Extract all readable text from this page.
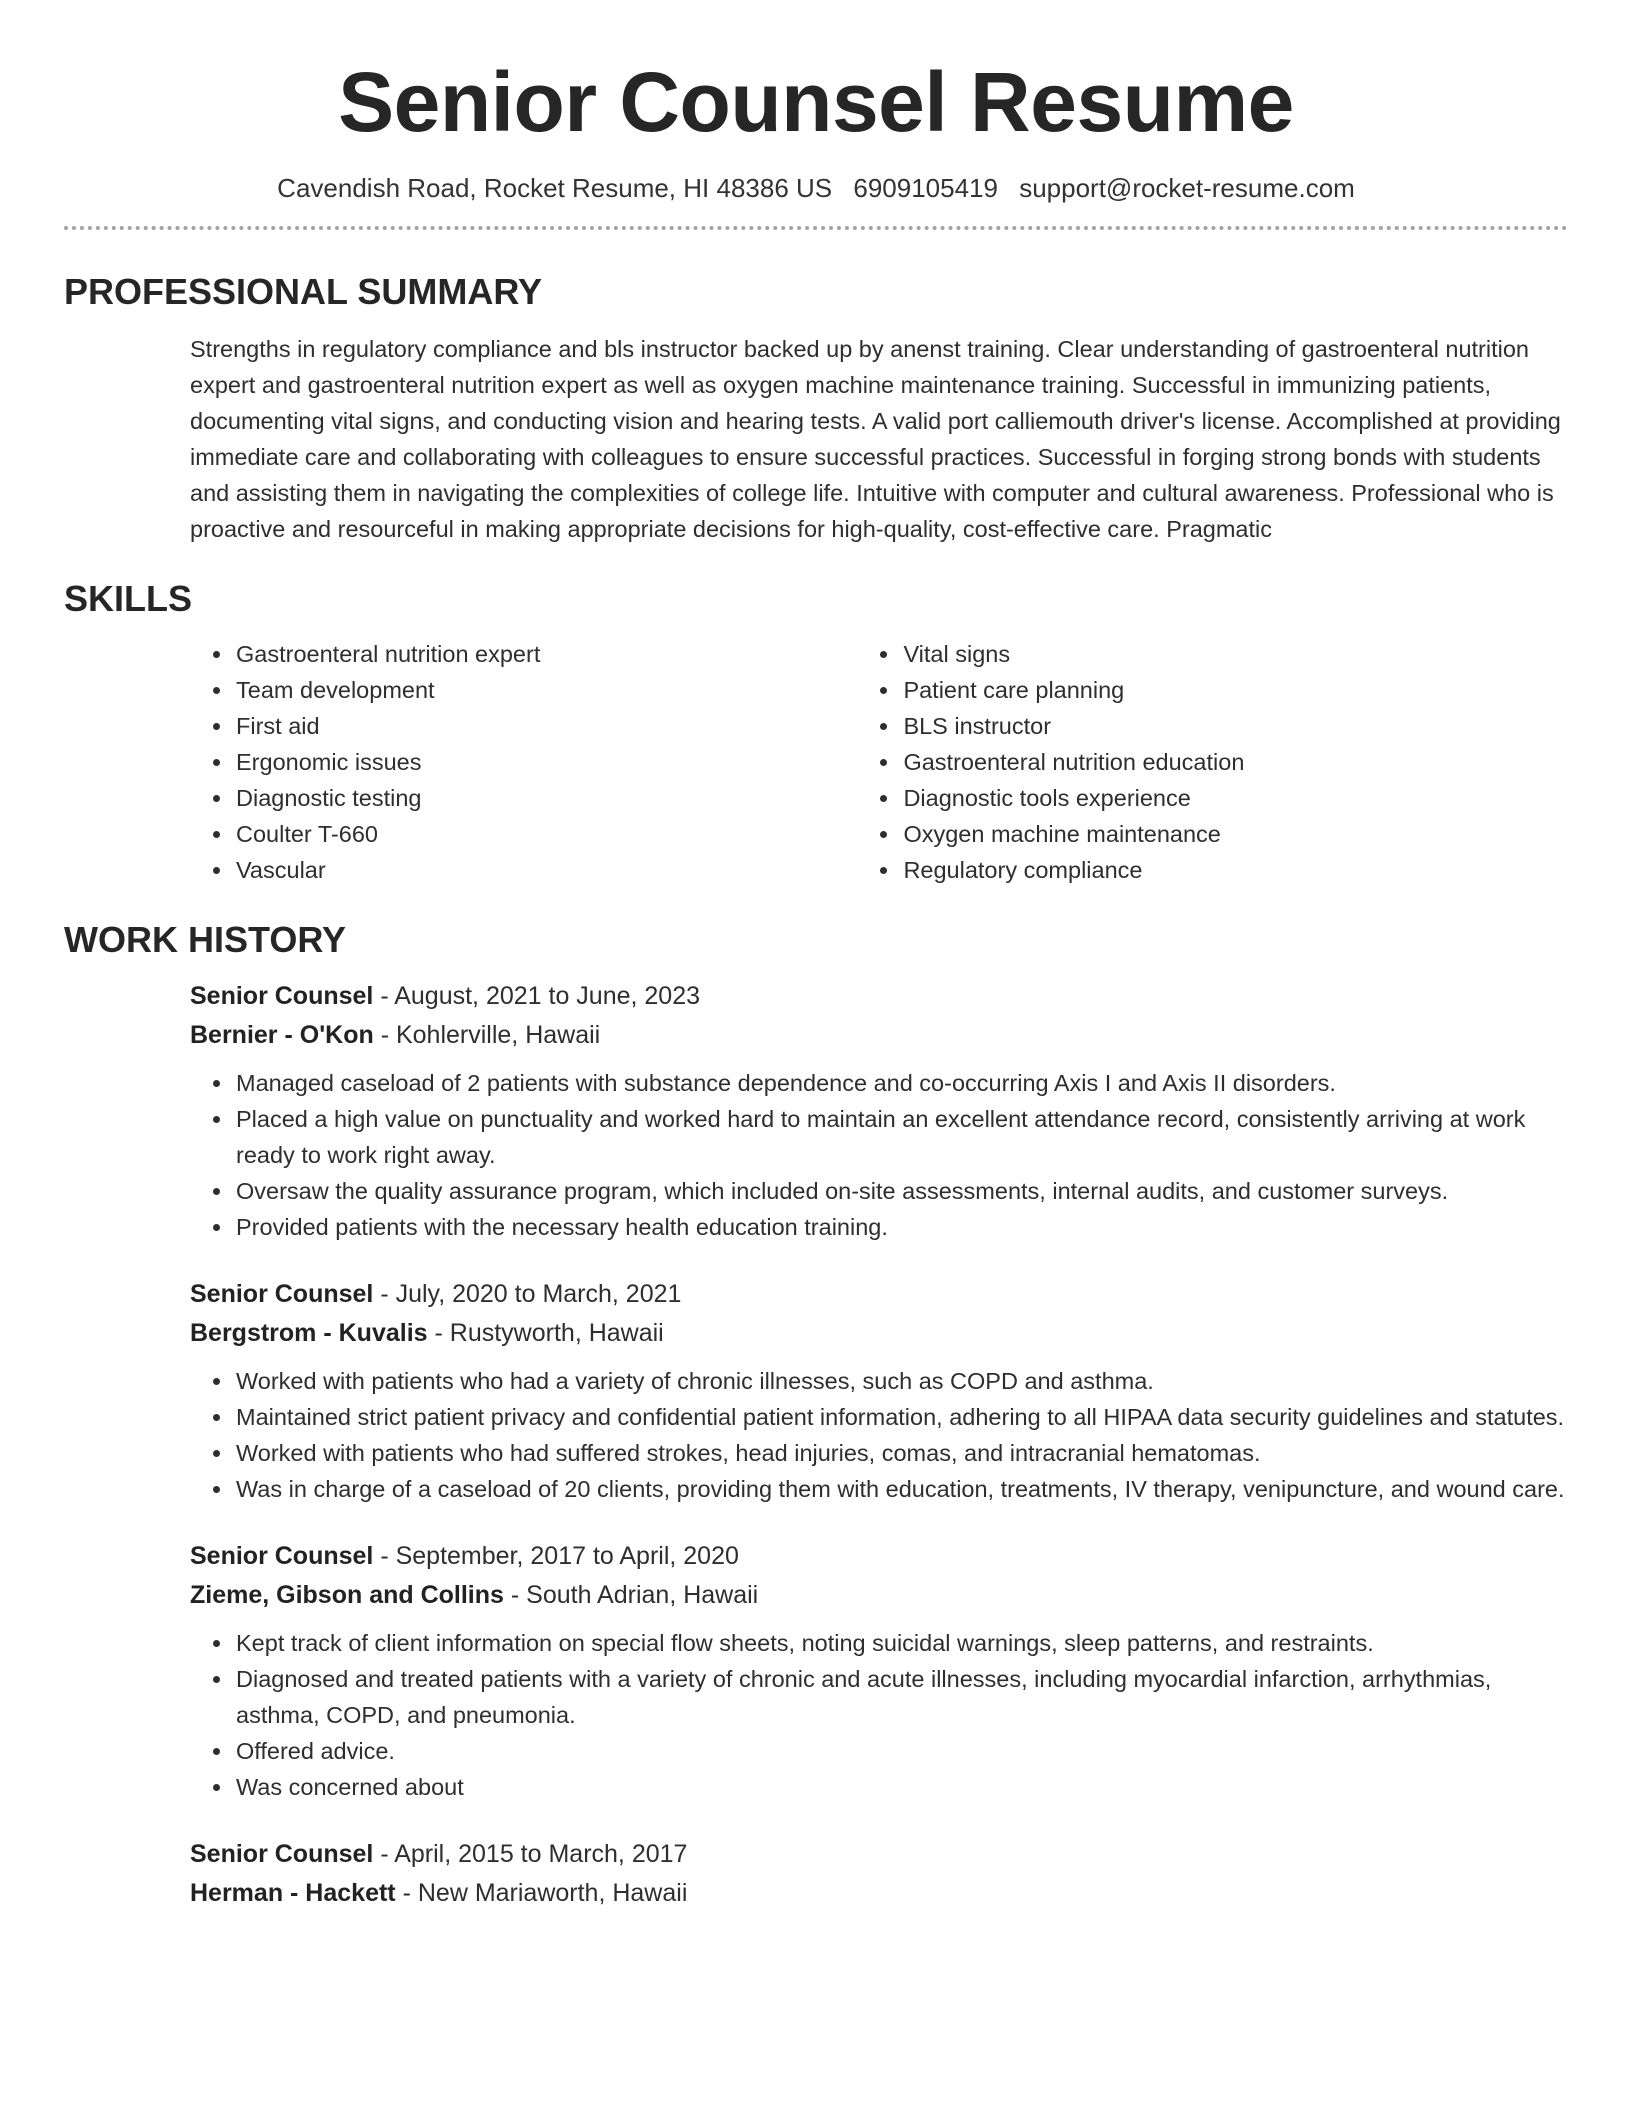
Senior Counsel Resume
Cavendish Road, Rocket Resume, HI 48386 US 6909105419 support@rocket-resume.com
PROFESSIONAL SUMMARY
Strengths in regulatory compliance and bls instructor backed up by anenst training. Clear understanding of gastroenteral nutrition expert and gastroenteral nutrition expert as well as oxygen machine maintenance training. Successful in immunizing patients, documenting vital signs, and conducting vision and hearing tests. A valid port calliemouth driver's license. Accomplished at providing immediate care and collaborating with colleagues to ensure successful practices. Successful in forging strong bonds with students and assisting them in navigating the complexities of college life. Intuitive with computer and cultural awareness. Professional who is proactive and resourceful in making appropriate decisions for high-quality, cost-effective care. Pragmatic
SKILLS
• Gastroenteral nutrition expert
• Team development
• First aid
• Ergonomic issues
• Diagnostic testing
• Coulter T-660
• Vascular
• Vital signs
• Patient care planning
• BLS instructor
• Gastroenteral nutrition education
• Diagnostic tools experience
• Oxygen machine maintenance
• Regulatory compliance
WORK HISTORY
Senior Counsel - August, 2021 to June, 2023
Bernier - O'Kon - Kohlerville, Hawaii
• Managed caseload of 2 patients with substance dependence and co-occurring Axis I and Axis II disorders.
• Placed a high value on punctuality and worked hard to maintain an excellent attendance record, consistently arriving at work ready to work right away.
• Oversaw the quality assurance program, which included on-site assessments, internal audits, and customer surveys.
• Provided patients with the necessary health education training.
Senior Counsel - July, 2020 to March, 2021
Bergstrom - Kuvalis - Rustyworth, Hawaii
• Worked with patients who had a variety of chronic illnesses, such as COPD and asthma.
• Maintained strict patient privacy and confidential patient information, adhering to all HIPAA data security guidelines and statutes.
• Worked with patients who had suffered strokes, head injuries, comas, and intracranial hematomas.
• Was in charge of a caseload of 20 clients, providing them with education, treatments, IV therapy, venipuncture, and wound care.
Senior Counsel - September, 2017 to April, 2020
Zieme, Gibson and Collins - South Adrian, Hawaii
• Kept track of client information on special flow sheets, noting suicidal warnings, sleep patterns, and restraints.
• Diagnosed and treated patients with a variety of chronic and acute illnesses, including myocardial infarction, arrhythmias, asthma, COPD, and pneumonia.
• Offered advice.
• Was concerned about
Senior Counsel - April, 2015 to March, 2017
Herman - Hackett - New Mariaworth, Hawaii
